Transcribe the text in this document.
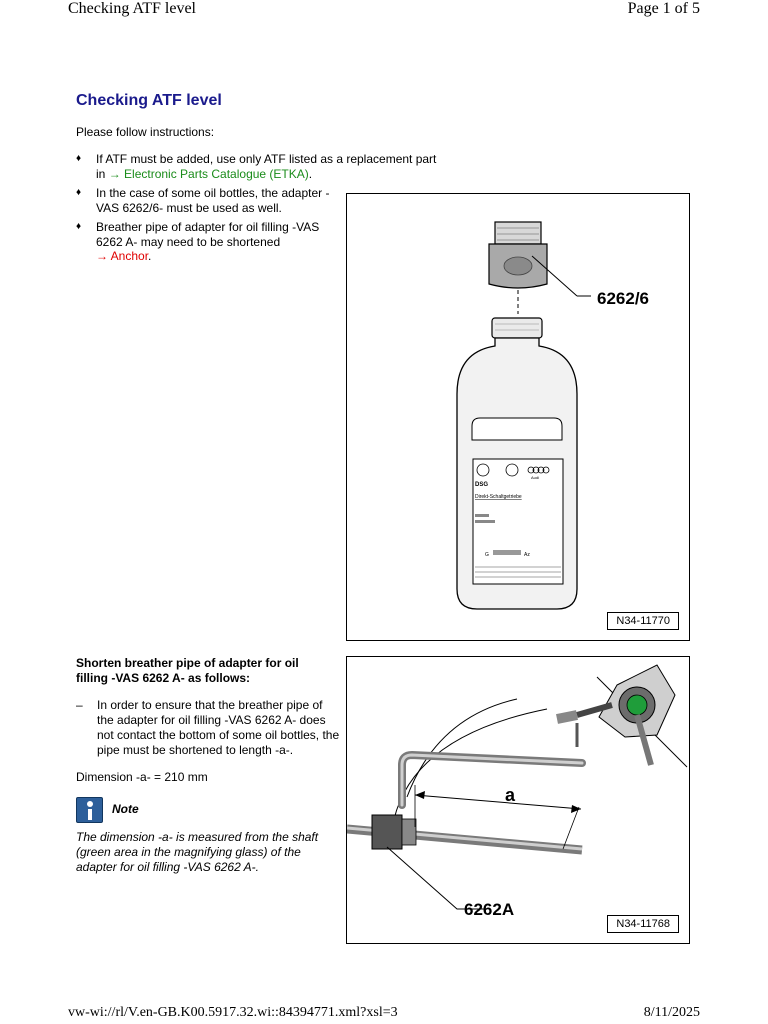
Checking ATF level	Page 1 of 5
Checking ATF level
Please follow instructions:
♦ If ATF must be added, use only ATF listed as a replacement part in → Electronic Parts Catalogue (ETKA).
♦ In the case of some oil bottles, the adapter -VAS 6262/6- must be used as well.
♦ Breather pipe of adapter for oil filling -VAS 6262 A- may need to be shortened
→ Anchor.
6262/6
DSG
Audi
Direkt-Schaltgetriebe
G	Az
N34-11770
Shorten breather pipe of adapter for oil filling -VAS 6262 A- as follows:
– In order to ensure that the breather pipe of the adapter for oil filling -VAS 6262 A- does not contact the bottom of some oil bottles, the pipe must be shortened to length -a-.
Dimension -a- = 210 mm
Note
The dimension -a- is measured from the shaft (green area in the magnifying glass) of the adapter for oil filling -VAS 6262 A-.
a
6262A
N34-11768
vw-wi://rl/V.en-GB.K00.5917.32.wi::84394771.xml?xsl=3	8/11/2025
